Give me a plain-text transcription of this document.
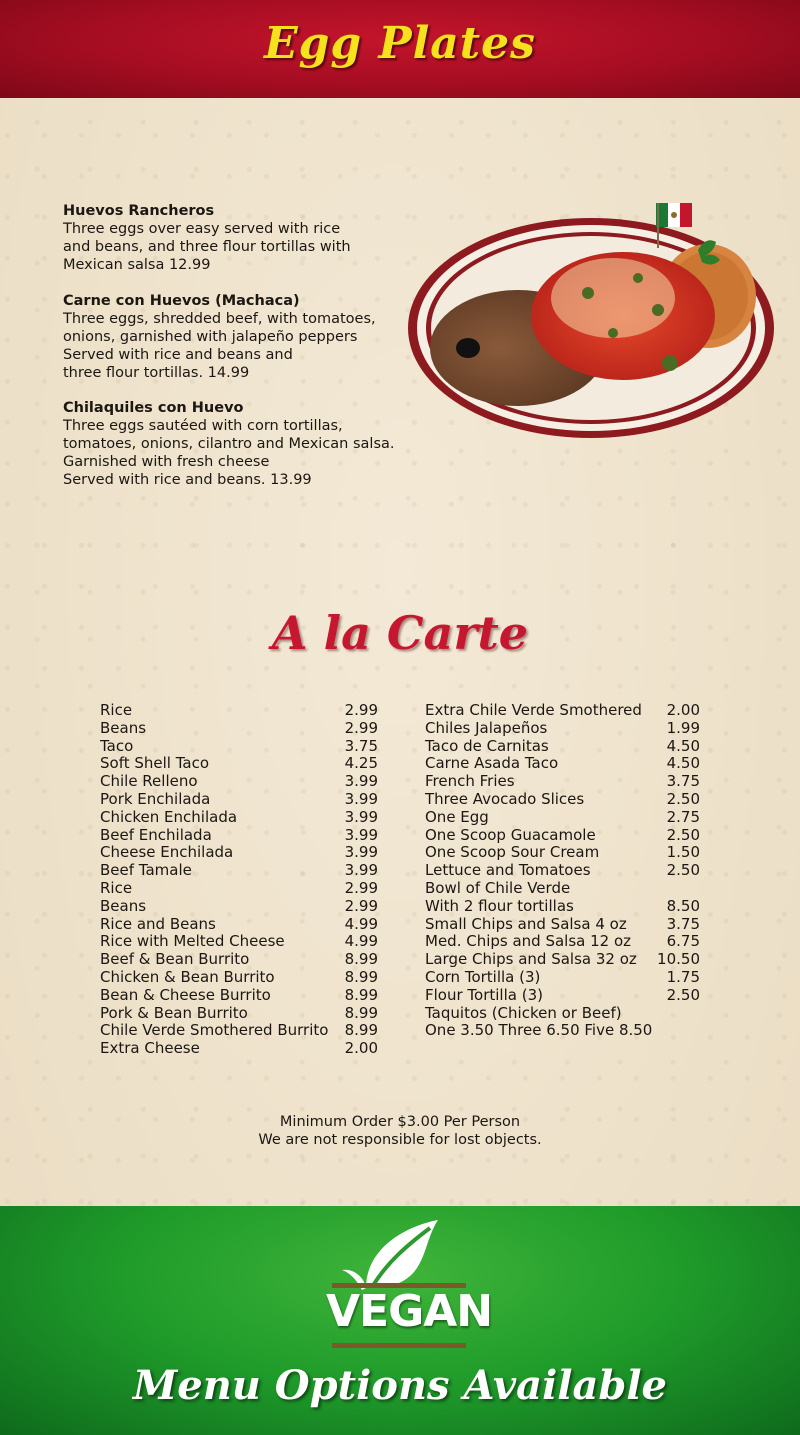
Egg Plates
Huevos Rancheros
Three eggs over easy served with rice
and beans, and three flour tortillas with
Mexican salsa 12.99
Carne con Huevos (Machaca)
Three eggs, shredded beef, with tomatoes,
onions, garnished with jalapeño peppers
Served with rice and beans and
three flour tortillas. 14.99
Chilaquiles con Huevo
Three eggs sautéed with corn tortillas,
tomatoes, onions, cilantro and Mexican salsa.
Garnished with fresh cheese
Served with rice and beans. 13.99
A la Carte
Rice	2.99
Beans	2.99
Taco	3.75
Soft Shell Taco	4.25
Chile Relleno	3.99
Pork Enchilada	3.99
Chicken Enchilada	3.99
Beef Enchilada	3.99
Cheese Enchilada	3.99
Beef Tamale	3.99
Rice	2.99
Beans	2.99
Rice and Beans	4.99
Rice with Melted Cheese	4.99
Beef & Bean Burrito	8.99
Chicken & Bean Burrito	8.99
Bean & Cheese Burrito	8.99
Pork & Bean Burrito	8.99
Chile Verde Smothered Burrito 8.99
Extra Cheese	2.00
Extra Chile Verde Smothered 2.00
Chiles Jalapeños	1.99
Taco de Carnitas	4.50
Carne Asada Taco	4.50
French Fries	3.75
Three Avocado Slices	2.50
One Egg	2.75
One Scoop Guacamole	2.50
One Scoop Sour Cream	1.50
Lettuce and Tomatoes	2.50
Bowl of Chile Verde
With 2 flour tortillas	8.50
Small Chips and Salsa 4 oz	3.75
Med. Chips and Salsa 12 oz 6.75
Large Chips and Salsa 32 oz 10.50
Corn Tortilla (3)	1.75
Flour Tortilla (3)	2.50
Taquitos (Chicken or Beef)
One 3.50 Three 6.50 Five 8.50
Minimum Order $3.00 Per Person
We are not responsible for lost objects.
VEGAN
Menu Options Available
